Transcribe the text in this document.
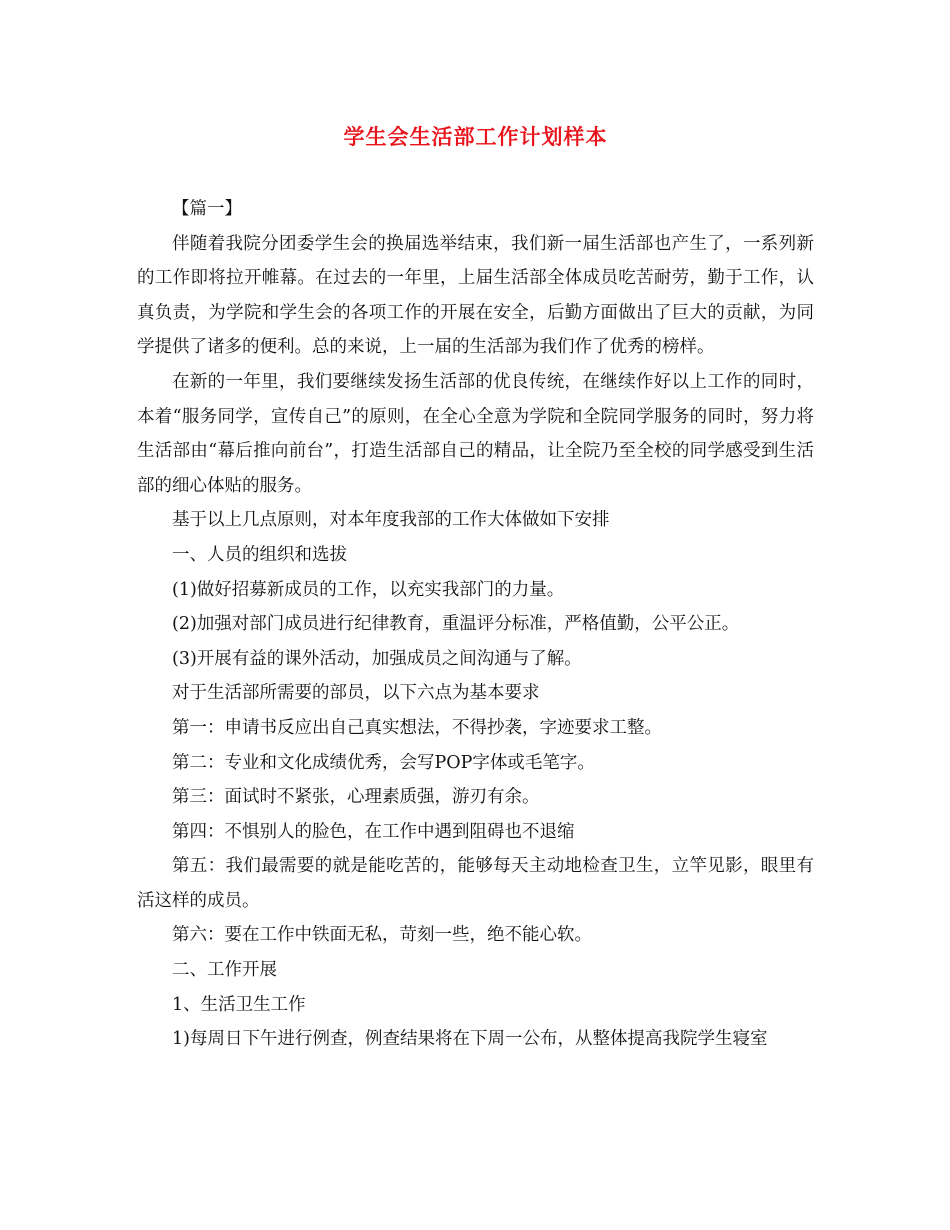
学生会生活部工作计划样本

【篇一】

伴随着我院分团委学生会的换届选举结束，我们新一届生活部也产生了，一系列新的工作即将拉开帷幕。在过去的一年里，上届生活部全体成员吃苦耐劳，勤于工作，认真负责，为学院和学生会的各项工作的开展在安全，后勤方面做出了巨大的贡献，为同学提供了诸多的便利。总的来说，上一届的生活部为我们作了优秀的榜样。

在新的一年里，我们要继续发扬生活部的优良传统，在继续作好以上工作的同时，本着“服务同学，宣传自己”的原则，在全心全意为学院和全院同学服务的同时，努力将生活部由“幕后推向前台”，打造生活部自己的精品，让全院乃至全校的同学感受到生活部的细心体贴的服务。

基于以上几点原则，对本年度我部的工作大体做如下安排

一、人员的组织和选拔

(1)做好招募新成员的工作，以充实我部门的力量。

(2)加强对部门成员进行纪律教育，重温评分标准，严格值勤，公平公正。

(3)开展有益的课外活动，加强成员之间沟通与了解。

对于生活部所需要的部员，以下六点为基本要求

第一：申请书反应出自己真实想法，不得抄袭，字迹要求工整。

第二：专业和文化成绩优秀，会写POP字体或毛笔字。

第三：面试时不紧张，心理素质强，游刃有余。

第四：不惧别人的脸色，在工作中遇到阻碍也不退缩

第五：我们最需要的就是能吃苦的，能够每天主动地检查卫生，立竿见影，眼里有活这样的成员。

第六：要在工作中铁面无私，苛刻一些，绝不能心软。

二、工作开展

1、生活卫生工作

1)每周日下午进行例查，例查结果将在下周一公布，从整体提高我院学生寝室
